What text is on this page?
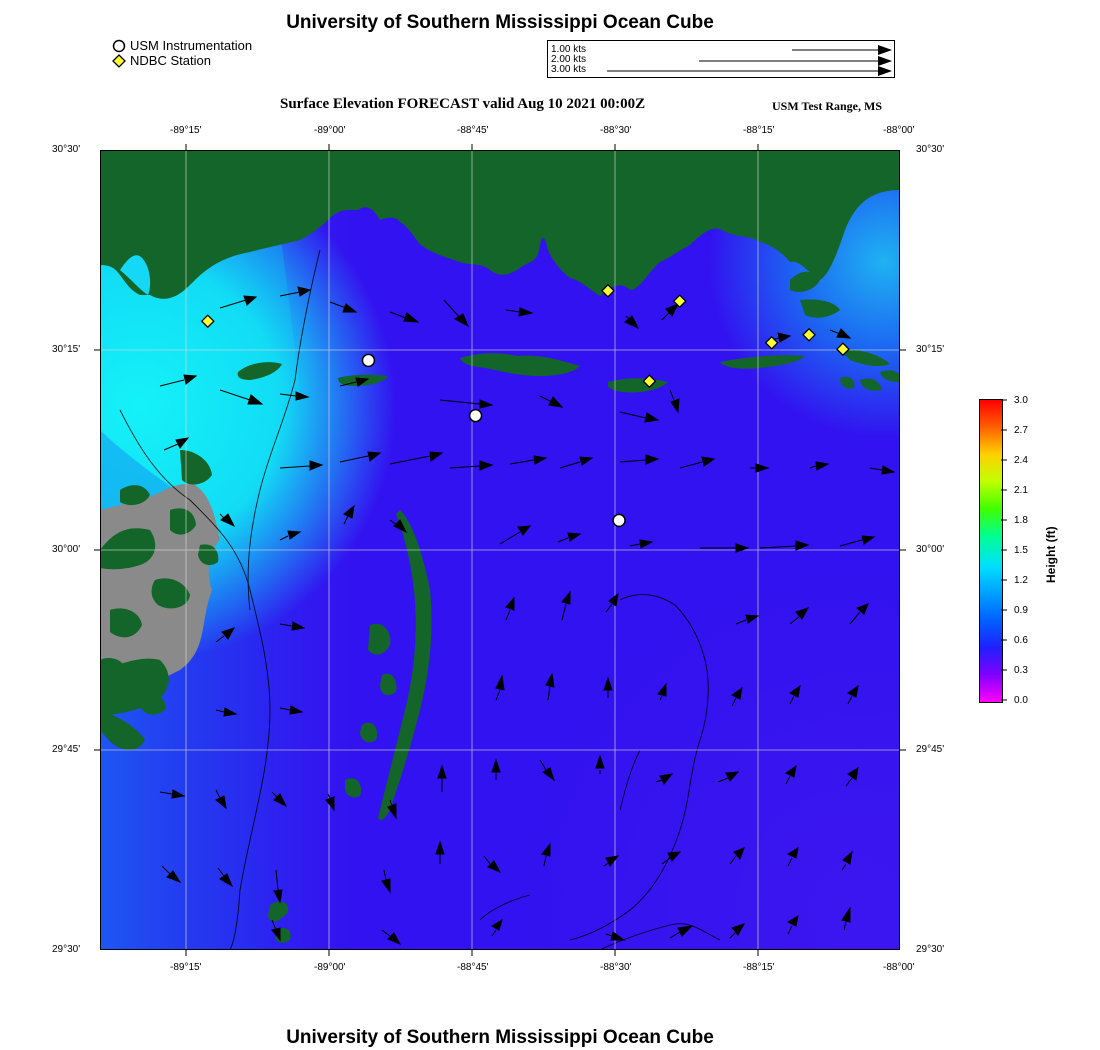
University of Southern Mississippi Ocean Cube
USM Instrumentation
NDBC Station
1.00 kts
2.00 kts
3.00 kts
Surface Elevation FORECAST valid Aug 10 2021 00:00Z	USM Test Range, MS
-89°15'	-89°00'	-88°45'	-88°30'	-88°15'	-88°00'
-89°15'	-89°00'	-88°45'	-88°30'	-88°15'	-88°00'
30°30'
30°15'
30°00'
29°45'
29°30'
30°30'
30°15'
30°00'
29°45'
29°30'
3.0
2.7
2.4
2.1
1.8
1.5
1.2
0.9
0.6
0.3
0.0
Height (ft)
University of Southern Mississippi Ocean Cube
